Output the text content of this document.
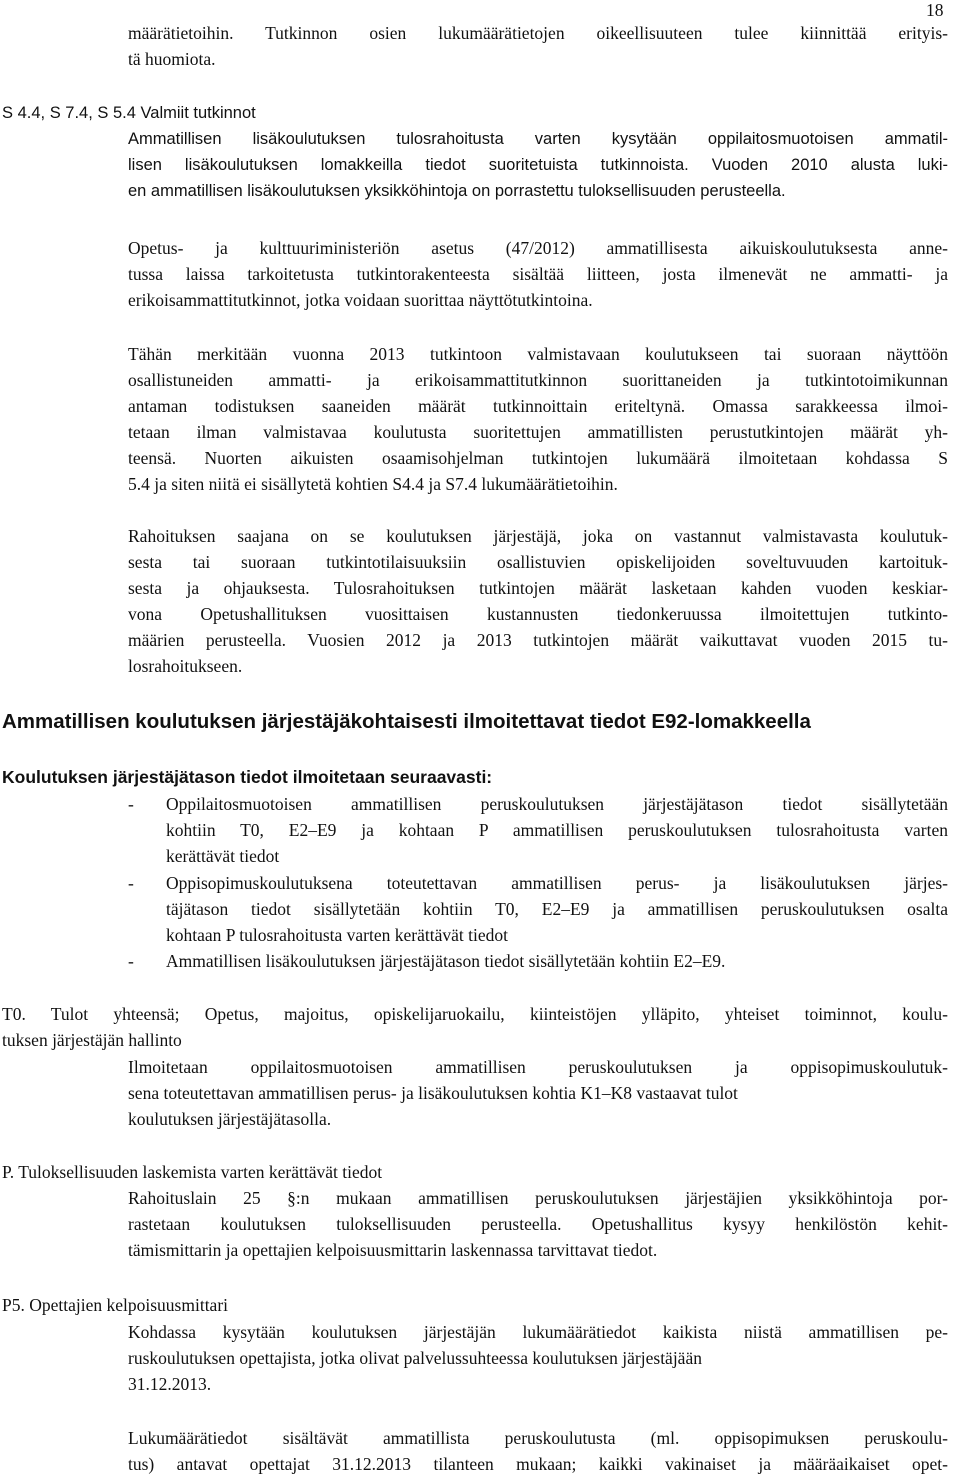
18
määrätietoihin. Tutkinnon osien lukumäärätietojen oikeellisuuteen tulee kiinnittää erityis-
tä huomiota.
S 4.4, S 7.4, S 5.4 Valmiit tutkinnot
Ammatillisen lisäkoulutuksen tulosrahoitusta varten kysytään oppilaitosmuotoisen ammatil-
lisen lisäkoulutuksen lomakkeilla tiedot suoritetuista tutkinnoista. Vuoden 2010 alusta luki-
en ammatillisen lisäkoulutuksen yksikköhintoja on porrastettu tuloksellisuuden perusteella.
Opetus- ja kulttuuriministeriön asetus (47/2012) ammatillisesta aikuiskoulutuksesta anne-
tussa laissa tarkoitetusta tutkintorakenteesta sisältää liitteen, josta ilmenevät ne ammatti- ja
erikoisammattitutkinnot, jotka voidaan suorittaa näyttötutkintoina.
Tähän merkitään vuonna 2013 tutkintoon valmistavaan koulutukseen tai suoraan näyttöön
osallistuneiden ammatti- ja erikoisammattitutkinnon suorittaneiden ja tutkintotoimikunnan
antaman todistuksen saaneiden määrät tutkinnoittain eriteltynä. Omassa sarakkeessa ilmoi-
tetaan ilman valmistavaa koulutusta suoritettujen ammatillisten perustutkintojen määrät yh-
teensä. Nuorten aikuisten osaamisohjelman tutkintojen lukumäärä ilmoitetaan kohdassa S
5.4 ja siten niitä ei sisällytetä kohtien S4.4 ja S7.4 lukumäärätietoihin.
Rahoituksen saajana on se koulutuksen järjestäjä, joka on vastannut valmistavasta koulutuk-
sesta tai suoraan tutkintotilaisuuksiin osallistuvien opiskelijoiden soveltuvuuden kartoituk-
sesta ja ohjauksesta. Tulosrahoituksen tutkintojen määrät lasketaan kahden vuoden keskiar-
vona Opetushallituksen vuosittaisen kustannusten tiedonkeruussa ilmoitettujen tutkinto-
määrien perusteella. Vuosien 2012 ja 2013 tutkintojen määrät vaikuttavat vuoden 2015 tu-
losrahoitukseen.
Ammatillisen koulutuksen järjestäjäkohtaisesti ilmoitettavat tiedot E92-lomakkeella
Koulutuksen järjestäjätason tiedot ilmoitetaan seuraavasti:
- Oppilaitosmuotoisen ammatillisen peruskoulutuksen järjestäjätason tiedot sisällytetään
kohtiin T0, E2–E9 ja kohtaan P ammatillisen peruskoulutuksen tulosrahoitusta varten
kerättävät tiedot
- Oppisopimuskoulutuksena toteutettavan ammatillisen perus- ja lisäkoulutuksen järjes-
täjätason tiedot sisällytetään kohtiin T0, E2–E9 ja ammatillisen peruskoulutuksen osalta
kohtaan P tulosrahoitusta varten kerättävät tiedot
- Ammatillisen lisäkoulutuksen järjestäjätason tiedot sisällytetään kohtiin E2–E9.
T0. Tulot yhteensä; Opetus, majoitus, opiskelijaruokailu, kiinteistöjen ylläpito, yhteiset toiminnot, koulu-
tuksen järjestäjän hallinto
Ilmoitetaan oppilaitosmuotoisen ammatillisen peruskoulutuksen ja oppisopimuskoulutuk-
sena toteutettavan ammatillisen perus- ja lisäkoulutuksen kohtia K1–K8 vastaavat tulot
koulutuksen järjestäjätasolla.
P. Tuloksellisuuden laskemista varten kerättävät tiedot
Rahoituslain 25 §:n mukaan ammatillisen peruskoulutuksen järjestäjien yksikköhintoja por-
rastetaan koulutuksen tuloksellisuuden perusteella. Opetushallitus kysyy henkilöstön kehit-
tämismittarin ja opettajien kelpoisuusmittarin laskennassa tarvittavat tiedot.
P5. Opettajien kelpoisuusmittari
Kohdassa kysytään koulutuksen järjestäjän lukumäärätiedot kaikista niistä ammatillisen pe-
ruskoulutuksen opettajista, jotka olivat palvelussuhteessa koulutuksen järjestäjään
31.12.2013.
Lukumäärätiedot sisältävät ammatillista peruskoulutusta (ml. oppisopimuksen peruskoulu-
tus) antavat opettajat 31.12.2013 tilanteen mukaan; kaikki vakinaiset ja määräaikaiset opet-
